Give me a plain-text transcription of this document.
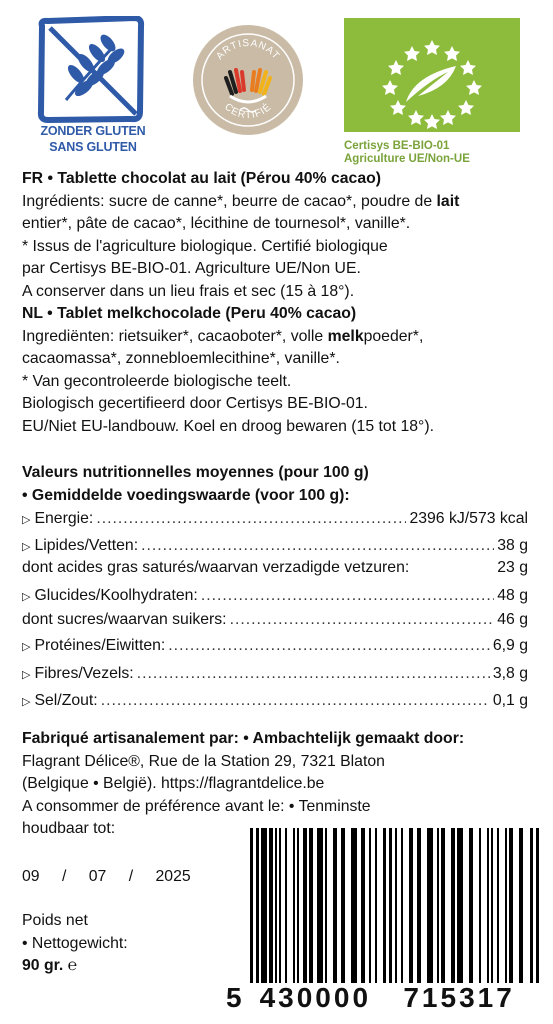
ZONDER GLUTEN
SANS GLUTEN
ARTISANAT
CERTIFIÉ
Certisys BE-BIO-01
Agriculture UE/Non-UE

FR • Tablette chocolat au lait (Pérou 40% cacao)

Ingrédients: sucre de canne*, beurre de cacao*, poudre de lait

entier*, pâte de cacao*, lécithine de tournesol*, vanille*.

* Issus de l'agriculture biologique. Certifié biologique

par Certisys BE-BIO-01. Agriculture UE/Non UE.

A conserver dans un lieu frais et sec (15 à 18°).

NL • Tablet melkchocolade (Peru 40% cacao)

Ingrediënten: rietsuiker*, cacaoboter*, volle melkpoeder*,

cacaomassa*, zonnebloemlecithine*, vanille*.

* Van gecontroleerde biologische teelt.

Biologisch gecertifieerd door Certisys BE-BIO-01.

EU/Niet EU-landbouw. Koel en droog bewaren (15 tot 18°).

Valeurs nutritionnelles moyennes (pour 100 g)

• Gemiddelde voedingswaarde (voor 100 g):

▷ Energie: .....	2396 kJ/573 kcal
▷ Lipides/Vetten: .....	38 g
dont acides gras saturés/waarvan verzadigde vetzuren:	23 g
▷ Glucides/Koolhydraten: .....	48 g
dont sucres/waarvan suikers: .....	46 g
▷ Protéines/Eiwitten: .....	6,9 g
▷ Fibres/Vezels: .....	3,8 g
▷ Sel/Zout: .....	0,1 g

Fabriqué artisanalement par: • Ambachtelijk gemaakt door:

Flagrant Délice®, Rue de la Station 29, 7321 Blaton

(Belgique • België). https://flagrantdelice.be

A consommer de préférence avant le: • Tenminste

houdbaar tot:

09 / 07 / 2025

Poids net

• Nettogewicht:

90 gr. ℮

5 430000	715317
